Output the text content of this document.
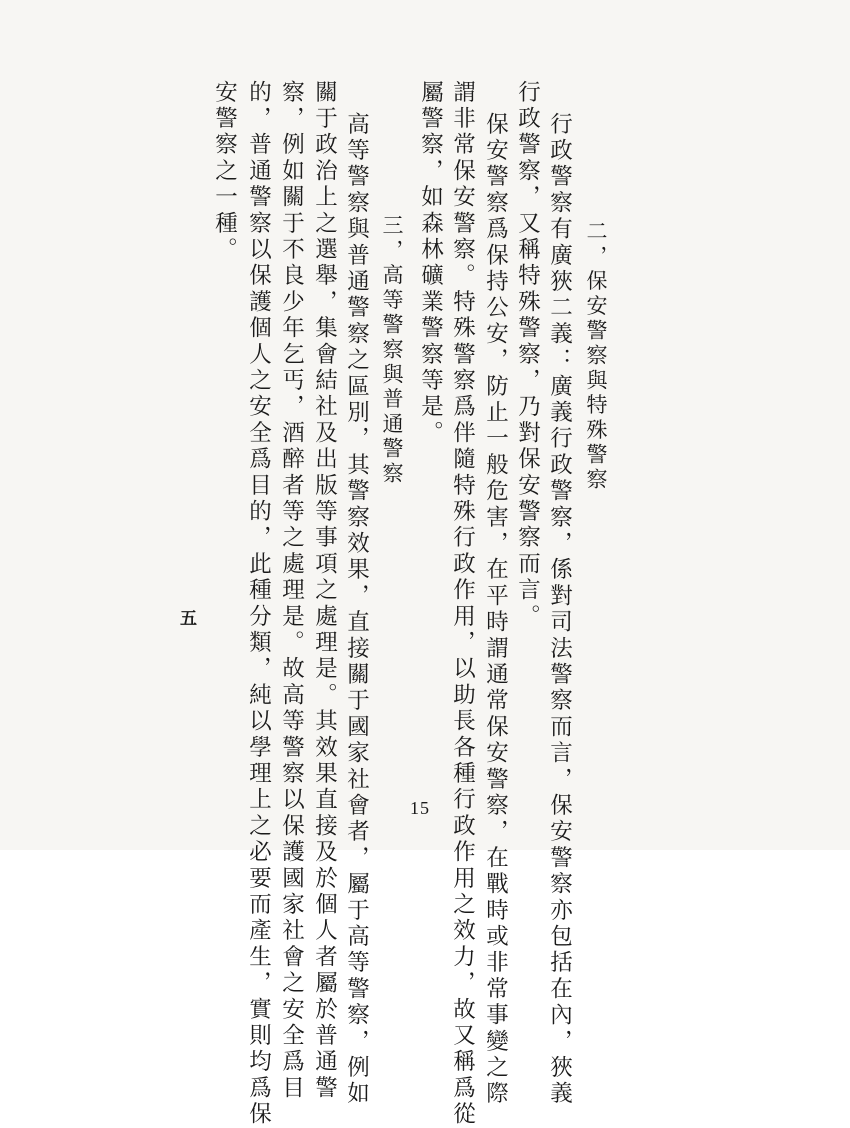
二，保安警察與特殊警察
行政警察有廣狹二義：廣義行政警察，係對司法警察而言，保安警察亦包括在內，狹義
行政警察，又稱特殊警察，乃對保安警察而言。
保安警察爲保持公安，防止一般危害，在平時謂通常保安警察，在戰時或非常事變之際
謂非常保安警察。特殊警察爲伴隨特殊行政作用，以助長各種行政作用之效力，故又稱爲從
屬警察，如森林礦業警察等是。
三，高等警察與普通警察
高等警察與普通警察之區別，其警察效果，直接關于國家社會者，屬于高等警察，例如
關于政治上之選舉，集會結社及出版等事項之處理是。其效果直接及於個人者屬於普通警
察，例如關于不良少年乞丐，酒醉者等之處理是。故高等警察以保護國家社會之安全爲目
的，普通警察以保護個人之安全爲目的，此種分類，純以學理上之必要而產生，實則均爲保
安警察之一種。
五
15
